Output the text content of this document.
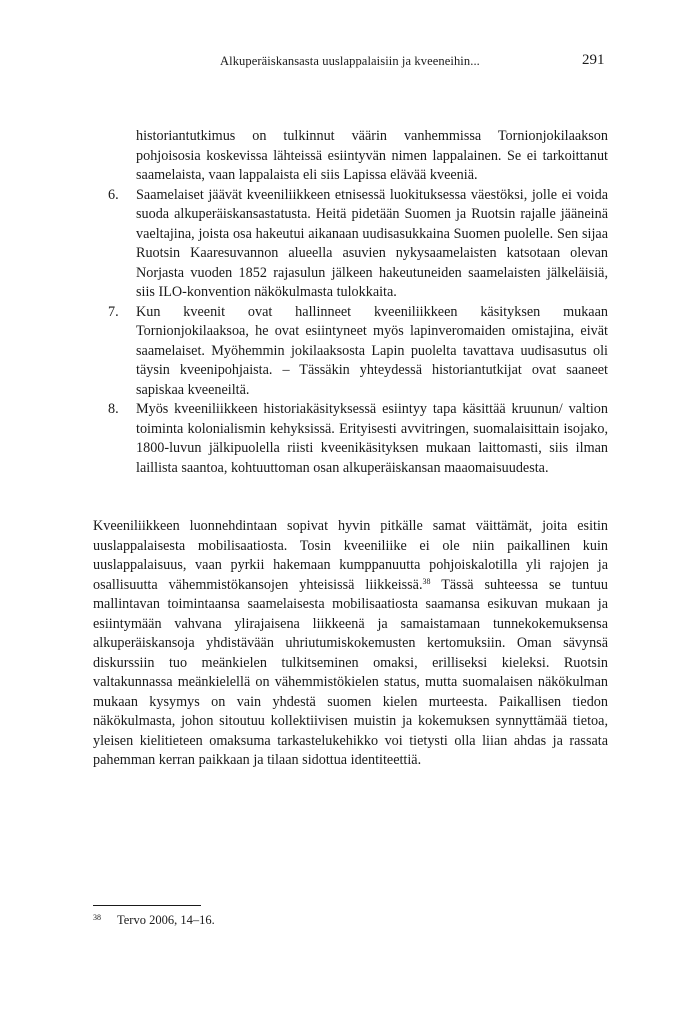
Alkuperäiskansasta uuslappalaisiin ja kveeneihin...	291
historiantutkimus on tulkinnut väärin vanhemmissa Tornionjokilaakson pohjoisosia koskevissa lähteissä esiintyvän nimen lappalainen. Se ei tarkoittanut saamelaista, vaan lappalaista eli siis Lapissa elävää kveeniä.
6. Saamelaiset jäävät kveeniliikkeen etnisessä luokituksessa väestöksi, jolle ei voida suoda alkuperäiskansastatusta. Heitä pidetään Suomen ja Ruotsin rajalle jääneinä vaeltajina, joista osa hakeutui aikanaan uudisasukkaina Suomen puolelle. Sen sijaa Ruotsin Kaaresuvannon alueella asuvien nykysaamelaisten katsotaan olevan Norjasta vuoden 1852 rajasulun jälkeen hakeutuneiden saamelaisten jälkeläisiä, siis ILO-konvention näkökulmasta tulokkaita.
7. Kun kveenit ovat hallinneet kveeniliikkeen käsityksen mukaan Tornionjokilaaksoa, he ovat esiintyneet myös lapinveromaiden omistajina, eivät saamelaiset. Myöhemmin jokilaaksosta Lapin puolelta tavattava uudisasutus oli täysin kveenipohjaista. – Tässäkin yhteydessä historiantutkijat ovat saaneet sapiskaa kveeneiltä.
8. Myös kveeniliikkeen historiakäsityksessä esiintyy tapa käsittää kruunun/ valtion toiminta kolonialismin kehyksissä. Erityisesti avvitringen, suomalaisittain isojako, 1800-luvun jälkipuolella riisti kveenikäsityksen mukaan laittomasti, siis ilman laillista saantoa, kohtuuttoman osan alkuperäiskansan maaomaisuudesta.

Kveeniliikkeen luonnehdintaan sopivat hyvin pitkälle samat väittämät, joita esitin uuslappalaisesta mobilisaatiosta. Tosin kveeniliike ei ole niin paikallinen kuin uuslappalaisuus, vaan pyrkii hakemaan kumppanuutta pohjoiskalotilla yli rajojen ja osallisuutta vähemmistökansojen yhteisissä liikkeissä.$^{38}$ Tässä suhteessa se tuntuu mallintavan toimintaansa saamelaisesta mobilisaatiosta saamansa esikuvan mukaan ja esiintymään vahvana ylirajaisena liikkeenä ja samaistamaan tunnekokemuksensa alkuperäiskansoja yhdistävään uhriutumiskokemusten kertomuksiin. Oman sävynsä diskurssiin tuo meänkielen tulkitseminen omaksi, erilliseksi kieleksi. Ruotsin valtakunnassa meänkielellä on vähemmistökielen status, mutta suomalaisen näkökulman mukaan kysymys on vain yhdestä suomen kielen murteesta. Paikallisen tiedon näkökulmasta, johon sitoutuu kollektiivisen muistin ja kokemuksen synnyttämää tietoa, yleisen kielitieteen omaksuma tarkastelukehikko voi tietysti olla liian ahdas ja rassata pahemman kerran paikkaan ja tilaan sidottua identiteettiä.

38 Tervo 2006, 14–16.
